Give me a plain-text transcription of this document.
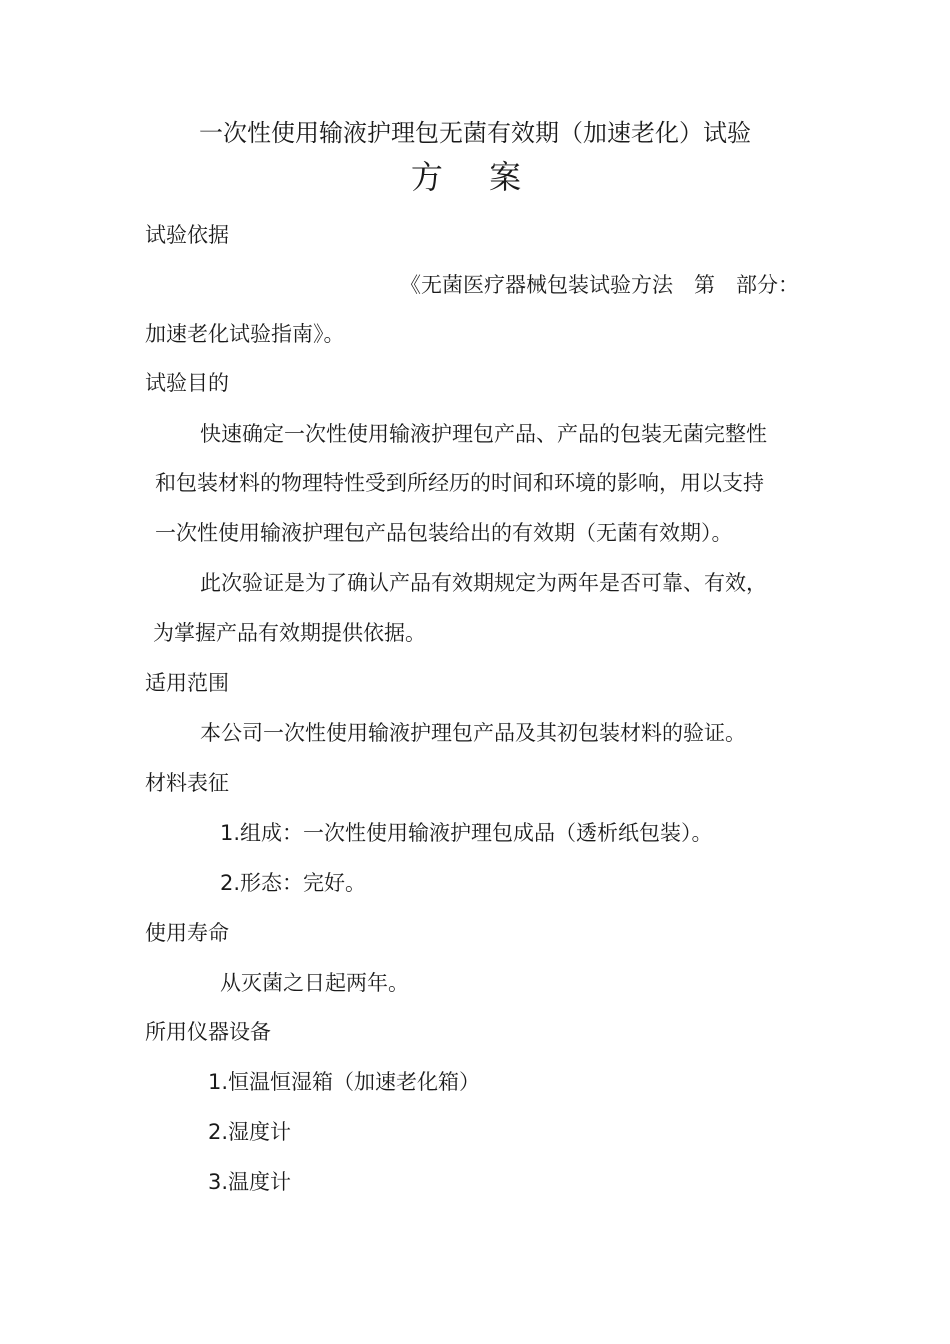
一次性使用输液护理包无菌有效期（加速老化）试验
方 案
试验依据
《无菌医疗器械包装试验方法　第　部分：
加速老化试验指南》。
试验目的
快速确定一次性使用输液护理包产品、产品的包装无菌完整性
和包装材料的物理特性受到所经历的时间和环境的影响，用以支持
一次性使用输液护理包产品包装给出的有效期（无菌有效期）。
此次验证是为了确认产品有效期规定为两年是否可靠、有效，
为掌握产品有效期提供依据。
适用范围
本公司一次性使用输液护理包产品及其初包装材料的验证。
材料表征
1.组成：一次性使用输液护理包成品（透析纸包装）。
2.形态：完好。
使用寿命
从灭菌之日起两年。
所用仪器设备
1.恒温恒湿箱（加速老化箱）
2.湿度计
3.温度计
